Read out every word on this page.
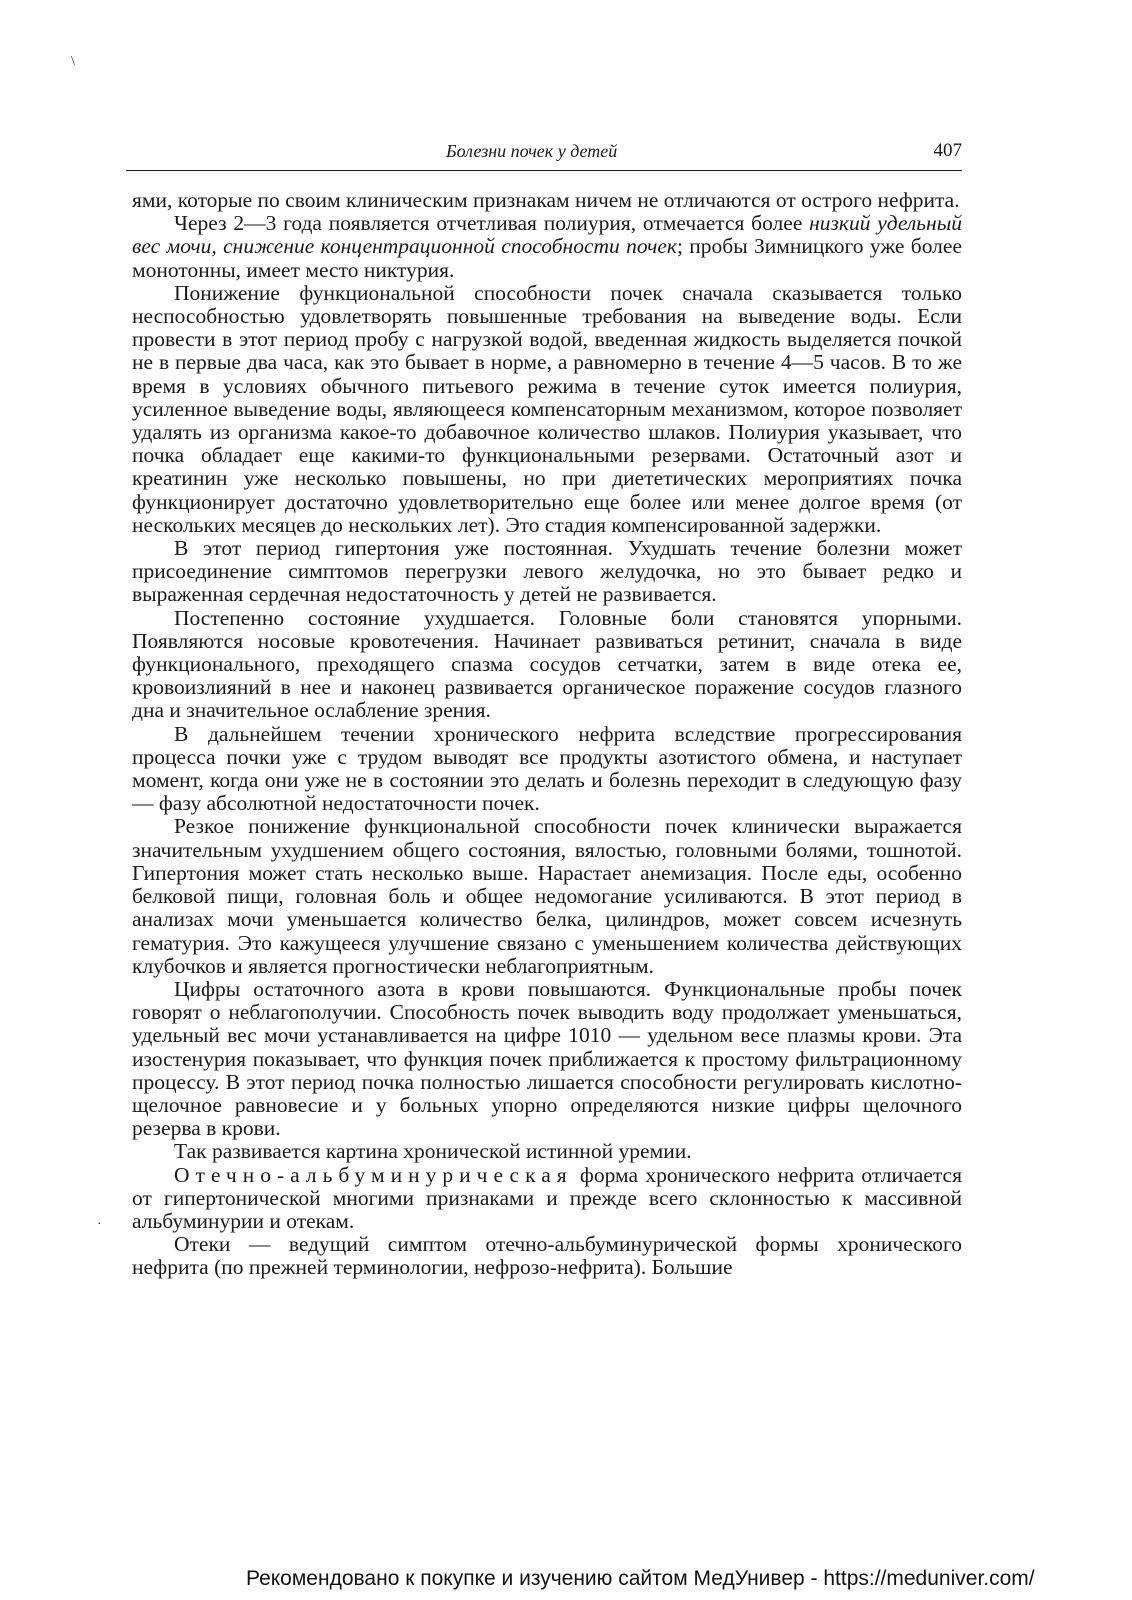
\
·
Болезни почек у детей	407

ями, которые по своим клиническим признакам ничем не отличаются от острого нефрита.

Через 2—3 года появляется отчетливая полиурия, отмечается более низкий удельный вес мочи, снижение концентрационной способности почек; пробы Зимницкого уже более монотонны, имеет место никтурия.

Понижение функциональной способности почек сначала сказывается только неспособностью удовлетворять повышенные требования на выведение воды. Если провести в этот период пробу с нагрузкой водой, введенная жидкость выделяется почкой не в первые два часа, как это бывает в норме, а равномерно в течение 4—5 часов. В то же время в условиях обычного питьевого режима в течение суток имеется полиурия, усиленное выведение воды, являющееся компенсаторным механизмом, которое позволяет удалять из организма какое-то добавочное количество шлаков. Полиурия указывает, что почка обладает еще какими-то функциональными резервами. Остаточный азот и креатинин уже несколько повышены, но при диететических мероприятиях почка функционирует достаточно удовлетворительно еще более или менее долгое время (от нескольких месяцев до нескольких лет). Это стадия компенсированной задержки.

В этот период гипертония уже постоянная. Ухудшать течение болезни может присоединение симптомов перегрузки левого желудочка, но это бывает редко и выраженная сердечная недостаточность у детей не развивается.

Постепенно состояние ухудшается. Головные боли становятся упорными. Появляются носовые кровотечения. Начинает развиваться ретинит, сначала в виде функционального, преходящего спазма сосудов сетчатки, затем в виде отека ее, кровоизлияний в нее и наконец развивается органическое поражение сосудов глазного дна и значительное ослабление зрения.

В дальнейшем течении хронического нефрита вследствие прогрессирования процесса почки уже с трудом выводят все продукты азотистого обмена, и наступает момент, когда они уже не в состоянии это делать и болезнь переходит в следующую фазу — фазу абсолютной недостаточности почек.

Резкое понижение функциональной способности почек клинически выражается значительным ухудшением общего состояния, вялостью, головными болями, тошнотой. Гипертония может стать несколько выше. Нарастает анемизация. После еды, особенно белковой пищи, головная боль и общее недомогание усиливаются. В этот период в анализах мочи уменьшается количество белка, цилиндров, может совсем исчезнуть гематурия. Это кажущееся улучшение связано с уменьшением количества действующих клубочков и является прогностически неблагоприятным.

Цифры остаточного азота в крови повышаются. Функциональные пробы почек говорят о неблагополучии. Способность почек выводить воду продолжает уменьшаться, удельный вес мочи устанавливается на цифре 1010 — удельном весе плазмы крови. Эта изостенурия показывает, что функция почек приближается к простому фильтрационному процессу. В этот период почка полностью лишается способности регулировать кислотно-щелочное равновесие и у больных упорно определяются низкие цифры щелочного резерва в крови.

Так развивается картина хронической истинной уремии.

Отечно-альбуминурическая форма хронического нефрита отличается от гипертонической многими признаками и прежде всего склонностью к массивной альбуминурии и отекам.

Отеки — ведущий симптом отечно-альбуминурической формы хронического нефрита (по прежней терминологии, нефрозо-нефрита). Большие

Рекомендовано к покупке и изучению сайтом МедУнивер - https://meduniver.com/
